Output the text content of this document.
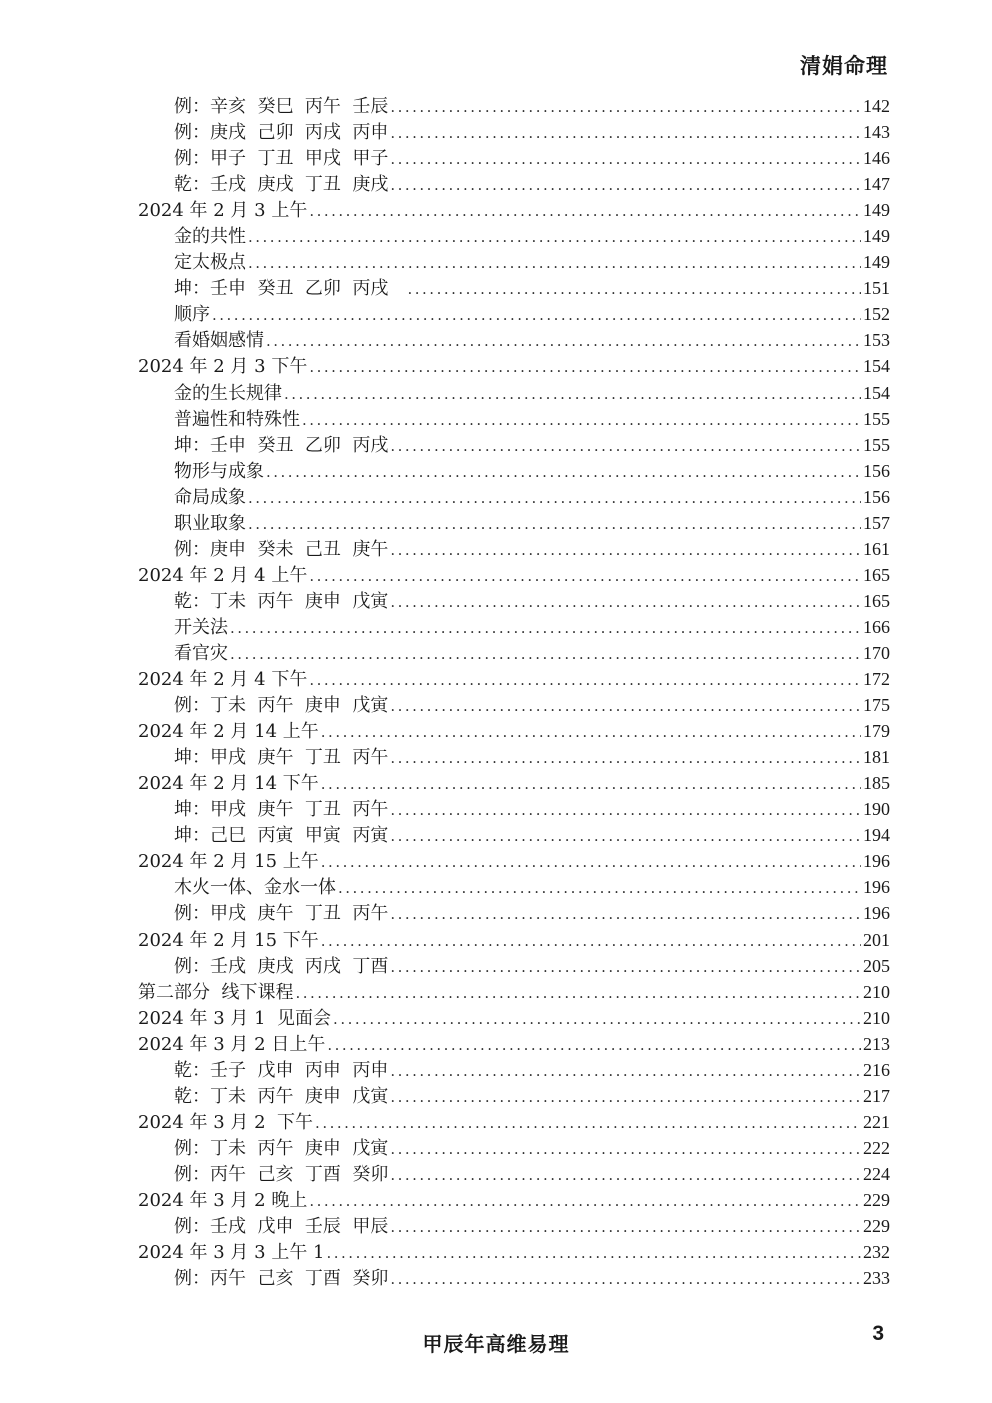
清娟命理
例：辛亥  癸巳  丙午  壬辰 .....	142
例：庚戌  己卯  丙戌  丙申 .....	143
例：甲子  丁丑  甲戌  甲子 .....	146
乾：壬戌  庚戌  丁丑  庚戌 .....	147
2024 年 2 月 3 上午 .....	149
金的共性 .....	149
定太极点 .....	149
坤：壬申  癸丑  乙卯  丙戌 .....	151
顺序 .....	152
看婚姻感情 .....	153
2024 年 2 月 3 下午 .....	154
金的生长规律 .....	154
普遍性和特殊性 .....	155
坤：壬申  癸丑  乙卯  丙戌 .....	155
物形与成象 .....	156
命局成象 .....	156
职业取象 .....	157
例：庚申  癸未  己丑  庚午 .....	161
2024 年 2 月 4 上午 .....	165
乾：丁未  丙午  庚申  戊寅 .....	165
开关法 .....	166
看官灾 .....	170
2024 年 2 月 4 下午 .....	172
例：丁未  丙午  庚申  戊寅 .....	175
2024 年 2 月 14 上午 .....	179
坤：甲戌  庚午  丁丑  丙午 .....	181
2024 年 2 月 14 下午 .....	185
坤：甲戌  庚午  丁丑  丙午 .....	190
坤：己巳  丙寅  甲寅  丙寅 .....	194
2024 年 2 月 15 上午 .....	196
木火一体、金水一体 .....	196
例：甲戌  庚午  丁丑  丙午 .....	196
2024 年 2 月 15 下午 .....	201
例：壬戌  庚戌  丙戌  丁酉 .....	205
第二部分  线下课程 .....	210
2024 年 3 月 1  见面会 .....	210
2024 年 3 月 2 日上午 .....	213
乾：壬子  戊申  丙申  丙申 .....	216
乾：丁未  丙午  庚申  戊寅 .....	217
2024 年 3 月 2  下午 .....	221
例：丁未  丙午  庚申  戊寅 .....	222
例：丙午  己亥  丁酉  癸卯 .....	224
2024 年 3 月 2 晚上 .....	229
例：壬戌  戊申  壬辰  甲辰 .....	229
2024 年 3 月 3 上午 1 .....	232
例：丙午  己亥  丁酉  癸卯 .....	233
甲辰年高维易理	3
